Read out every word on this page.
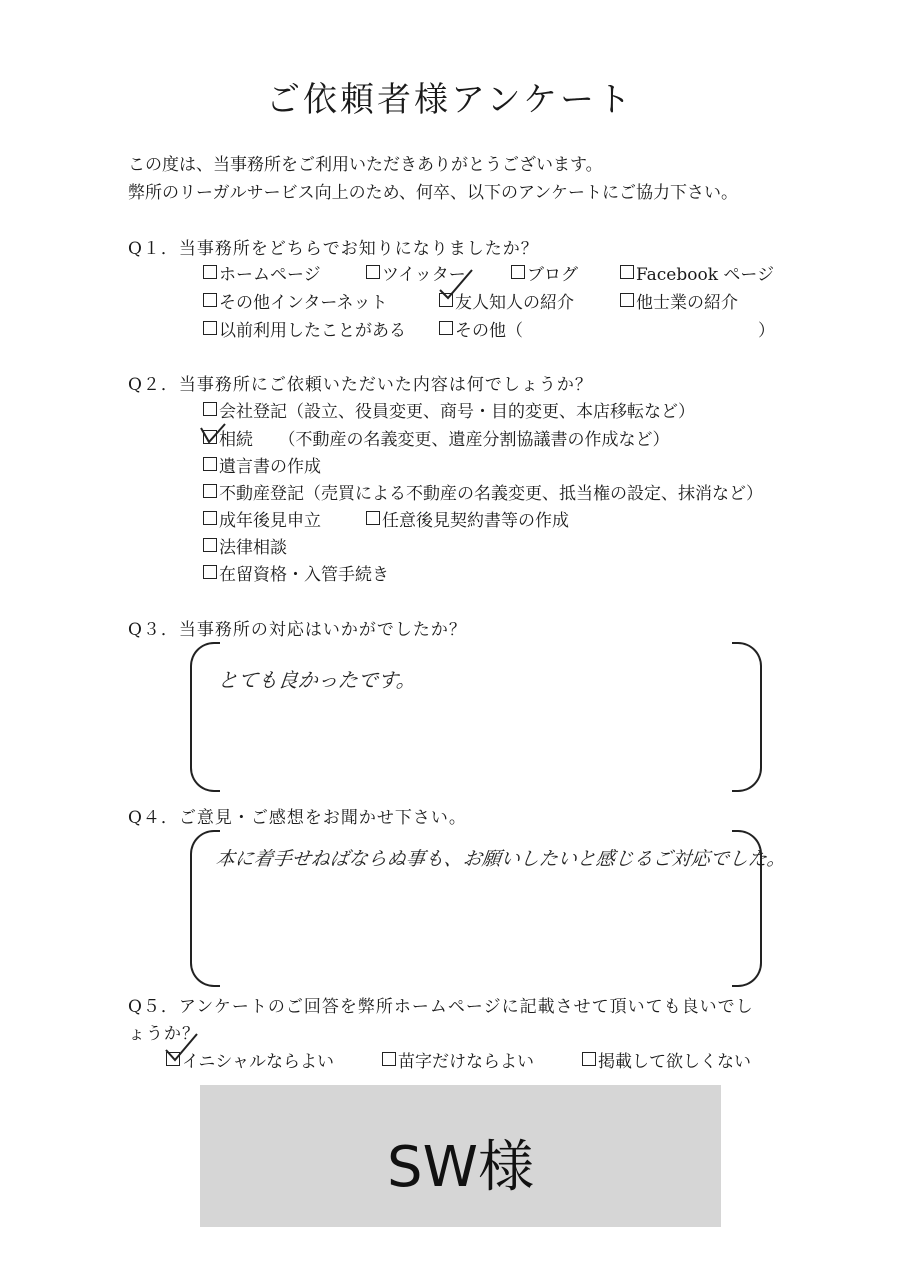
ご依頼者様アンケート
この度は、当事務所をご利用いただきありがとうございます。
弊所のリーガルサービス向上のため、何卒、以下のアンケートにご協力下さい。
Q１．当事務所をどちらでお知りになりましたか？
ホームページ	ツイッター	ブログ	Facebook ページ
その他インターネット	友人知人の紹介	他士業の紹介
以前利用したことがある	その他（	）
Q２．当事務所にご依頼いただいた内容は何でしょうか？
会社登記（設立、役員変更、商号・目的変更、本店移転など）
相続　　（不動産の名義変更、遺産分割協議書の作成など）
遺言書の作成
不動産登記（売買による不動産の名義変更、抵当権の設定、抹消など）
成年後見申立	任意後見契約書等の作成
法律相談
在留資格・入管手続き
Q３．当事務所の対応はいかがでしたか？
とても良かったです。
Q４．ご意見・ご感想をお聞かせ下さい。
本に着手せねばならぬ事も、お願いしたいと感じるご対応でした。
Q５．アンケートのご回答を弊所ホームページに記載させて頂いても良いでし
ょうか？
イニシャルならよい	苗字だけならよい	掲載して欲しくない
SW様
